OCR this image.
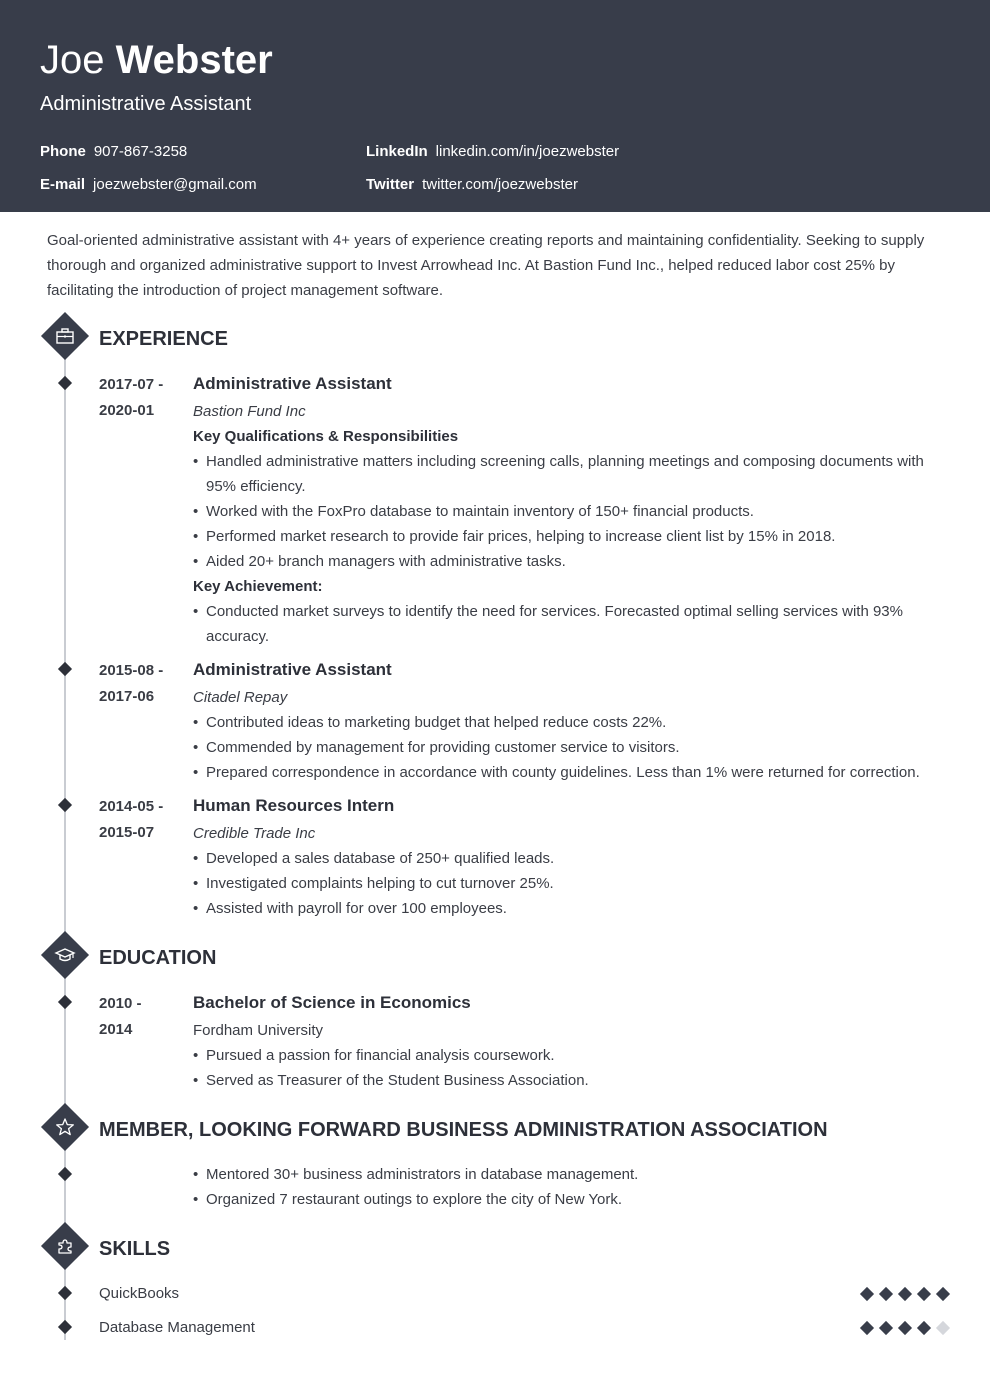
Joe Webster
Administrative Assistant
Phone 907-867-3258
E-mail joezwebster@gmail.com
LinkedIn linkedin.com/in/joezwebster
Twitter twitter.com/joezwebster
Goal-oriented administrative assistant with 4+ years of experience creating reports and maintaining confidentiality. Seeking to supply thorough and organized administrative support to Invest Arrowhead Inc. At Bastion Fund Inc., helped reduced labor cost 25% by facilitating the introduction of project management software.
EXPERIENCE
2017-07 -
2020-01
Administrative Assistant
Bastion Fund Inc
Key Qualifications & Responsibilities
• Handled administrative matters including screening calls, planning meetings and composing documents with 95% efficiency.
• Worked with the FoxPro database to maintain inventory of 150+ financial products.
• Performed market research to provide fair prices, helping to increase client list by 15% in 2018.
• Aided 20+ branch managers with administrative tasks.
Key Achievement:
• Conducted market surveys to identify the need for services. Forecasted optimal selling services with 93% accuracy.
2015-08 -
2017-06
Administrative Assistant
Citadel Repay
• Contributed ideas to marketing budget that helped reduce costs 22%.
• Commended by management for providing customer service to visitors.
• Prepared correspondence in accordance with county guidelines. Less than 1% were returned for correction.
2014-05 -
2015-07
Human Resources Intern
Credible Trade Inc
• Developed a sales database of 250+ qualified leads.
• Investigated complaints helping to cut turnover 25%.
• Assisted with payroll for over 100 employees.
EDUCATION
2010 -
2014
Bachelor of Science in Economics
Fordham University
• Pursued a passion for financial analysis coursework.
• Served as Treasurer of the Student Business Association.
MEMBER, LOOKING FORWARD BUSINESS ADMINISTRATION ASSOCIATION
• Mentored 30+ business administrators in database management.
• Organized 7 restaurant outings to explore the city of New York.
SKILLS
QuickBooks
Database Management
